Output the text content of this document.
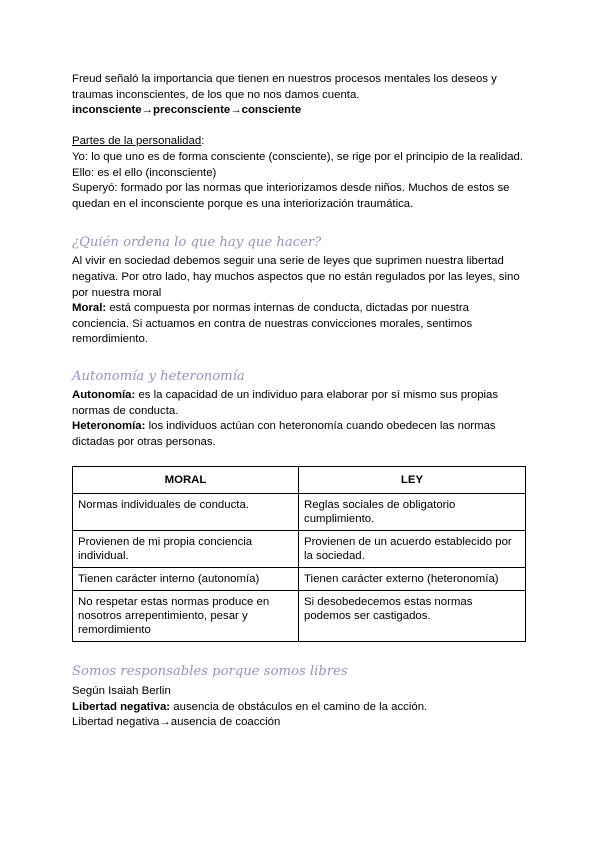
Freud señaló la importancia que tienen en nuestros procesos mentales los deseos y traumas inconscientes, de los que no nos damos cuenta.

inconsciente→preconsciente→consciente

Partes de la personalidad:

Yo: lo que uno es de forma consciente (consciente), se rige por el principio de la realidad.

Ello: es el ello (inconsciente)

Superyó: formado por las normas que interiorizamos desde niños. Muchos de estos se quedan en el inconsciente porque es una interiorización traumática.

¿Quién ordena lo que hay que hacer?

Al vivir en sociedad debemos seguir una serie de leyes que suprimen nuestra libertad negativa. Por otro lado, hay muchos aspectos que no están regulados por las leyes, sino por nuestra moral

Moral: está compuesta por normas internas de conducta, dictadas por nuestra conciencia. Si actuamos en contra de nuestras convicciones morales, sentimos remordimiento.

Autonomía y heteronomía

Autonomía: es la capacidad de un individuo para elaborar por sí mismo sus propias normas de conducta.

Heteronomía: los individuos actúan con heteronomía cuando obedecen las normas dictadas por otras personas.

MORAL	LEY
Normas individuales de conducta.	Reglas sociales de obligatorio cumplimiento.
Provienen de mi propia conciencia individual.	Provienen de un acuerdo establecido por la sociedad.
Tienen carácter interno (autonomía)	Tienen carácter externo (heteronomía)
No respetar estas normas produce en nosotros arrepentimiento, pesar y remordimiento	Si desobedecemos estas normas podemos ser castigados.

Somos responsables porque somos libres

Según Isaiah Berlin

Libertad negativa: ausencia de obstáculos en el camino de la acción.

Libertad negativa→ausencia de coacción
